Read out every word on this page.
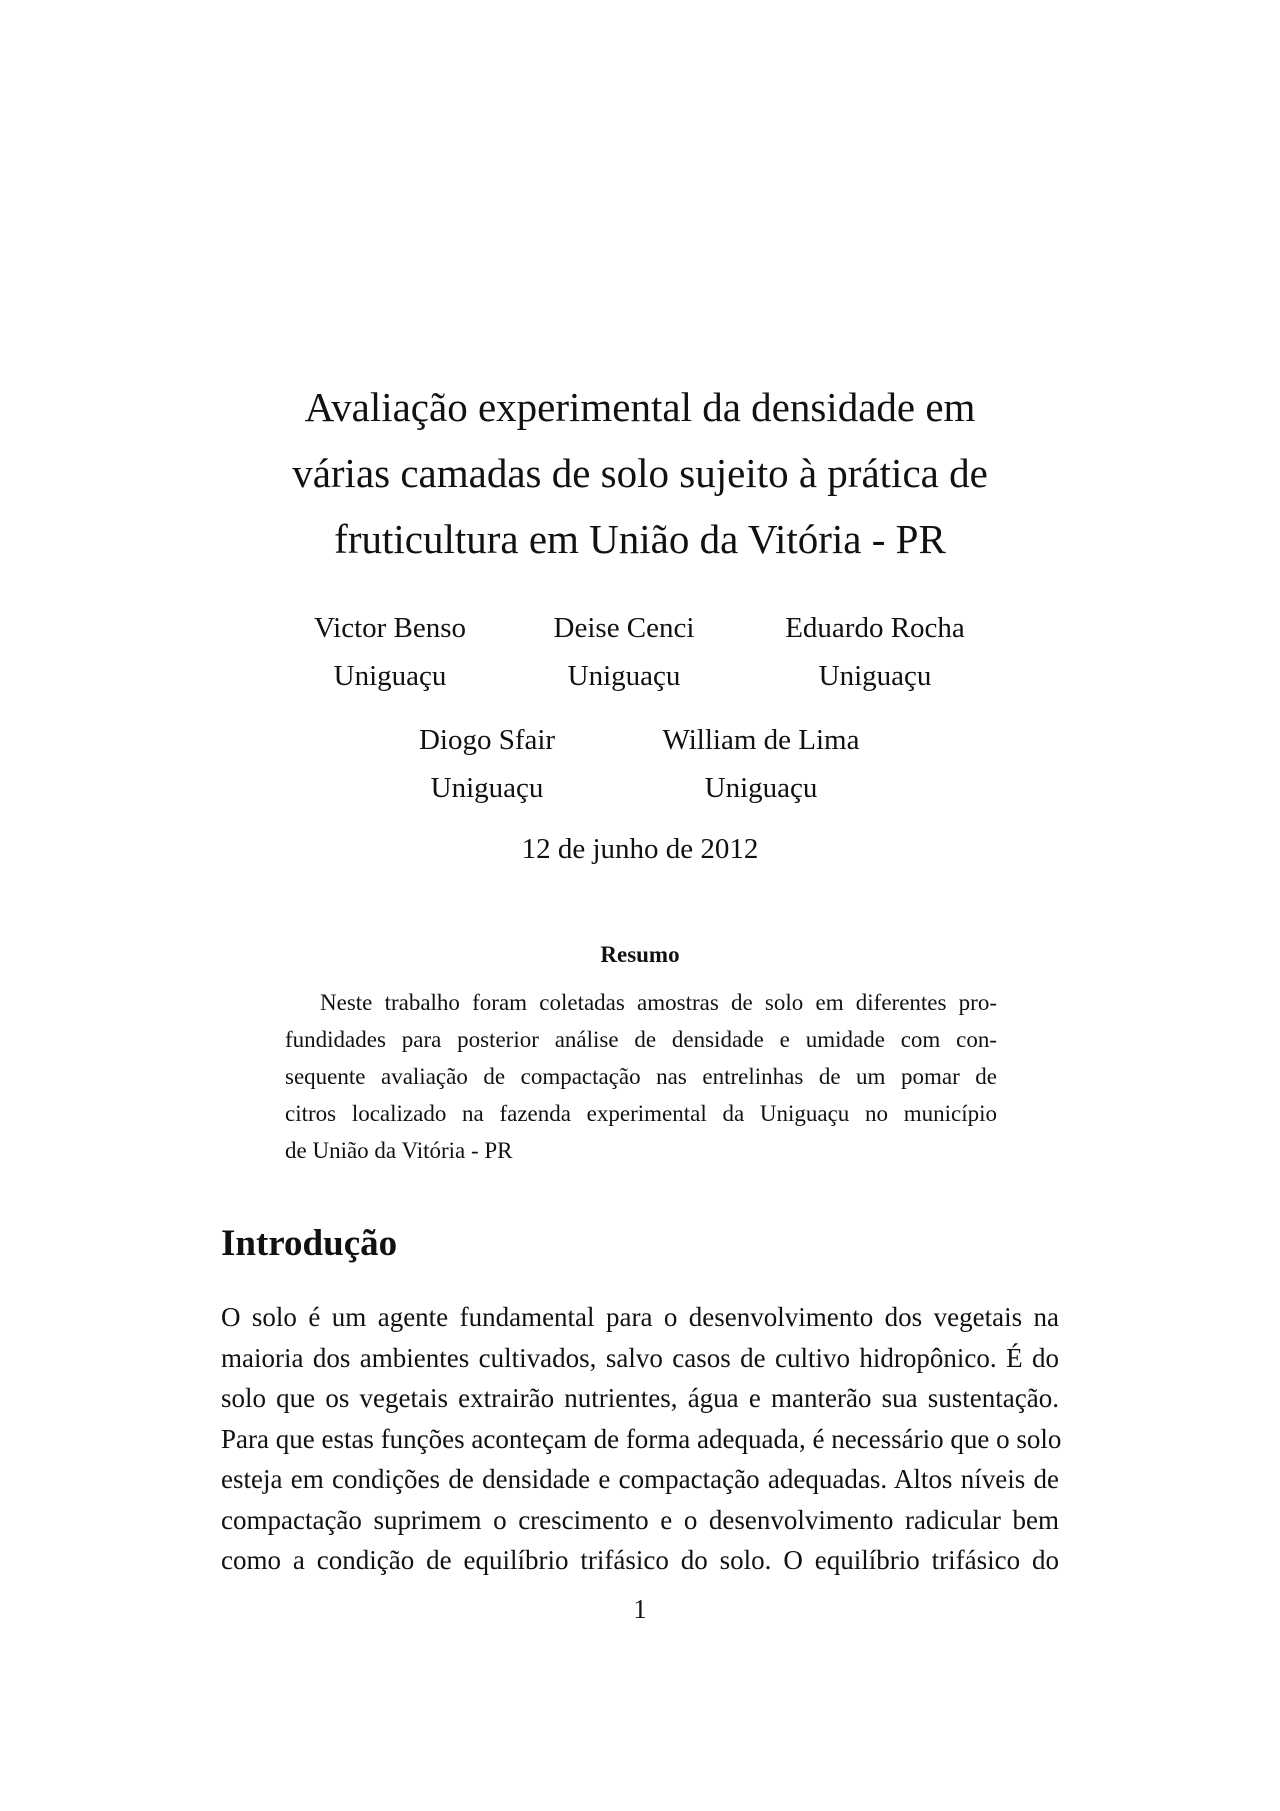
Avaliação experimental da densidade em
várias camadas de solo sujeito à prática de
fruticultura em União da Vitória - PR
Victor Benso
Uniguaçu
Deise Cenci
Uniguaçu
Eduardo Rocha
Uniguaçu
Diogo Sfair
Uniguaçu
William de Lima
Uniguaçu
12 de junho de 2012
Resumo
Neste trabalho foram coletadas amostras de solo em diferentes pro-
fundidades para posterior análise de densidade e umidade com con-
sequente avaliação de compactação nas entrelinhas de um pomar de
citros localizado na fazenda experimental da Uniguaçu no município
de União da Vitória - PR
Introdução
O solo é um agente fundamental para o desenvolvimento dos vegetais na
maioria dos ambientes cultivados, salvo casos de cultivo hidropônico. É do
solo que os vegetais extrairão nutrientes, água e manterão sua sustentação.
Para que estas funções aconteçam de forma adequada, é necessário que o solo
esteja em condições de densidade e compactação adequadas. Altos níveis de
compactação suprimem o crescimento e o desenvolvimento radicular bem
como a condição de equilíbrio trifásico do solo. O equilíbrio trifásico do
1
